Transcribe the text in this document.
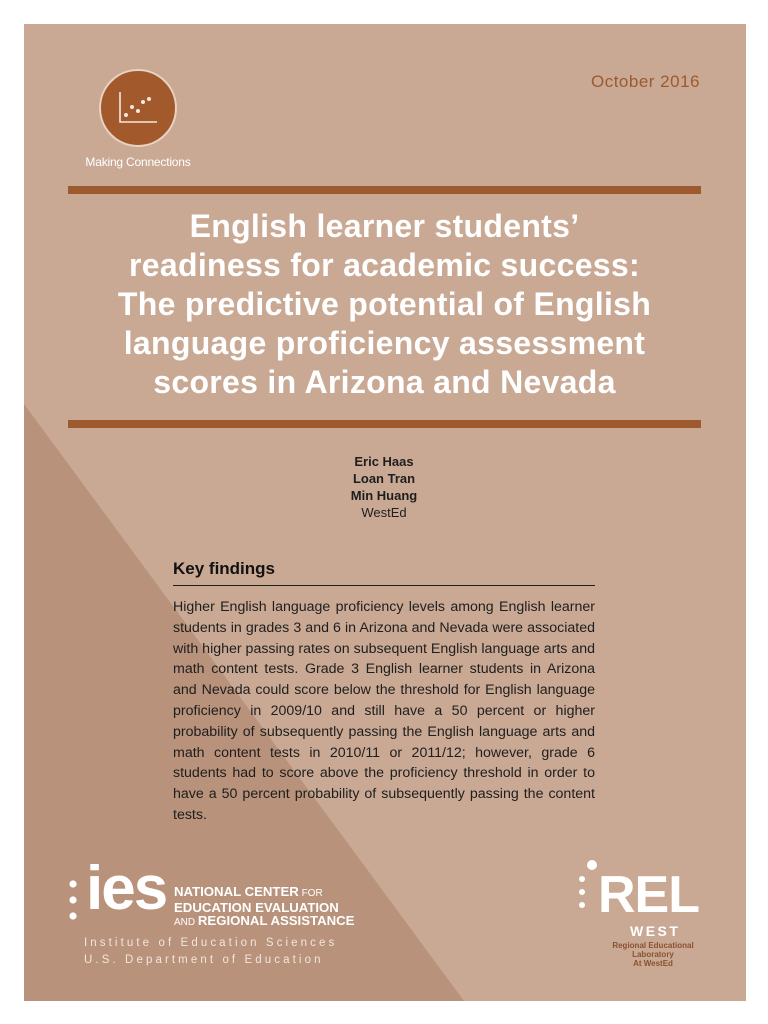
October 2016
Making Connections
English learner students’
readiness for academic success:
The predictive potential of English
language proficiency assessment
scores in Arizona and Nevada
Eric Haas
Loan Tran
Min Huang
WestEd
Key findings
Higher English language proficiency levels among English learner students in grades 3 and 6 in Arizona and Nevada were associated with higher passing rates on subsequent English language arts and math content tests. Grade 3 English learner students in Arizona and Nevada could score below the threshold for English language proficiency in 2009/10 and still have a 50 percent or higher probability of subsequently passing the English language arts and math content tests in 2010/11 or 2011/12; however, grade 6 students had to score above the proficiency threshold in order to have a 50 percent probability of subsequently passing the content tests.
ies NATIONAL CENTER FOR
EDUCATION EVALUATION
AND REGIONAL ASSISTANCE
Institute of Education Sciences
U.S. Department of Education
REL
WEST
Regional Educational Laboratory
At WestEd
